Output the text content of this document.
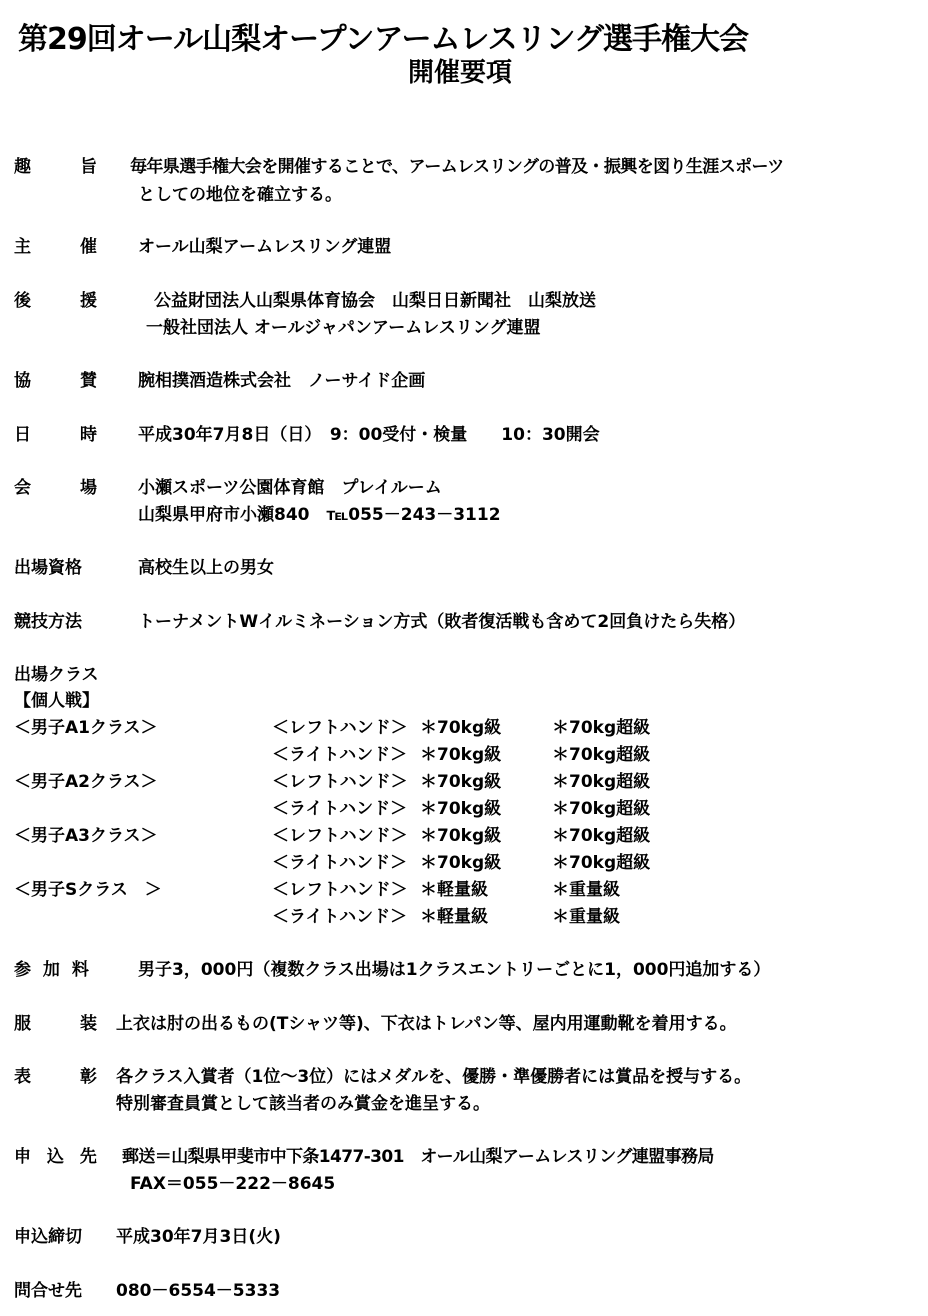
第29回オール山梨オープンアームレスリング選手権大会
開催要項
趣	旨 毎年県選手権大会を開催することで、アームレスリングの普及・振興を図り生涯スポーツ
としての地位を確立する。
主	催 オール山梨アームレスリング連盟
後	援	公益財団法人山梨県体育協会　山梨日日新聞社　山梨放送
一般社団法人 オールジャパンアームレスリング連盟
協	賛 腕相撲酒造株式会社　ノーサイド企画
日	時 平成30年7月8日（日）　9：00受付・検量　　10：30開会
会	場 小瀬スポーツ公園体育館　プレイルーム
山梨県甲府市小瀬840　℡055－243－3112
出場資格	高校生以上の男女
競技方法	トーナメントWイルミネーション方式（敗者復活戦も含めて2回負けたら失格）
出場クラス
【個人戦】
＜男子A1クラス＞	＜レフトハンド＞ ＊70kg級	＊70kg超級
＜ライトハンド＞ ＊70kg級	＊70kg超級
＜男子A2クラス＞	＜レフトハンド＞ ＊70kg級	＊70kg超級
＜ライトハンド＞ ＊70kg級	＊70kg超級
＜男子A3クラス＞	＜レフトハンド＞ ＊70kg級	＊70kg超級
＜ライトハンド＞ ＊70kg級	＊70kg超級
＜男子Sクラス　＞	＜レフトハンド＞ ＊軽量級	＊重量級
＜ライトハンド＞ ＊軽量級	＊重量級
参 加 料	男子3，000円（複数クラス出場は1クラスエントリーごとに1，000円追加する）
服	装 上衣は肘の出るもの(Tシャツ等)、下衣はトレパン等、屋内用運動靴を着用する。
表	彰 各クラス入賞者（1位～3位）にはメダルを、優勝・準優勝者には賞品を授与する。
特別審査員賞として該当者のみ賞金を進呈する。
申 込 先 郵送＝山梨県甲斐市中下条1477-301　オール山梨アームレスリング連盟事務局
FAX＝055－222－8645
申込締切 平成30年7月3日(火)
問合せ先 080－6554－5333
